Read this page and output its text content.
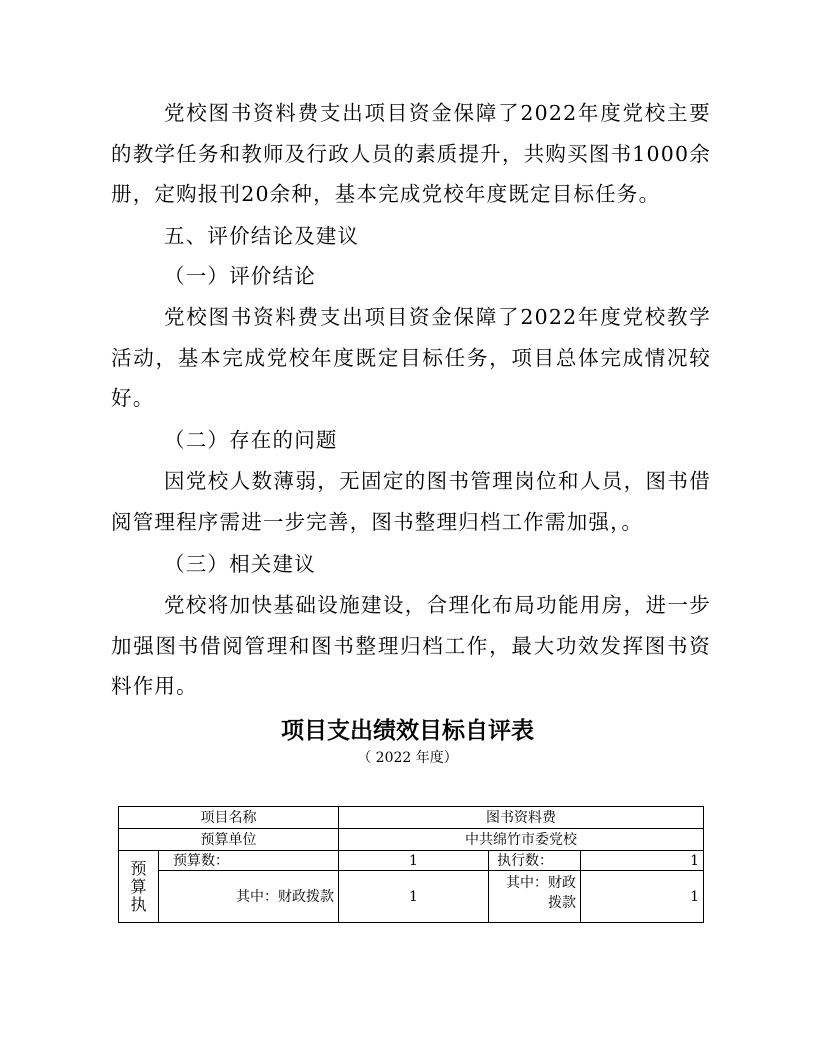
党校图书资料费支出项目资金保障了2022年度党校主要的教学任务和教师及行政人员的素质提升，共购买图书1000余册，定购报刊20余种，基本完成党校年度既定目标任务。

五、评价结论及建议

（一）评价结论

党校图书资料费支出项目资金保障了2022年度党校教学活动，基本完成党校年度既定目标任务，项目总体完成情况较好。

（二）存在的问题

因党校人数薄弱，无固定的图书管理岗位和人员，图书借阅管理程序需进一步完善，图书整理归档工作需加强，。

（三）相关建议

党校将加快基础设施建设，合理化布局功能用房，进一步加强图书借阅管理和图书整理归档工作，最大功效发挥图书资料作用。

项目支出绩效目标自评表

（ 2022 年度）

项目名称		图书资料费		
预算单位		中共绵竹市委党校		

预
算
执	预算数：	1	执行数：	1
	其中：财政拨款	1	其中：财政拨款	1
